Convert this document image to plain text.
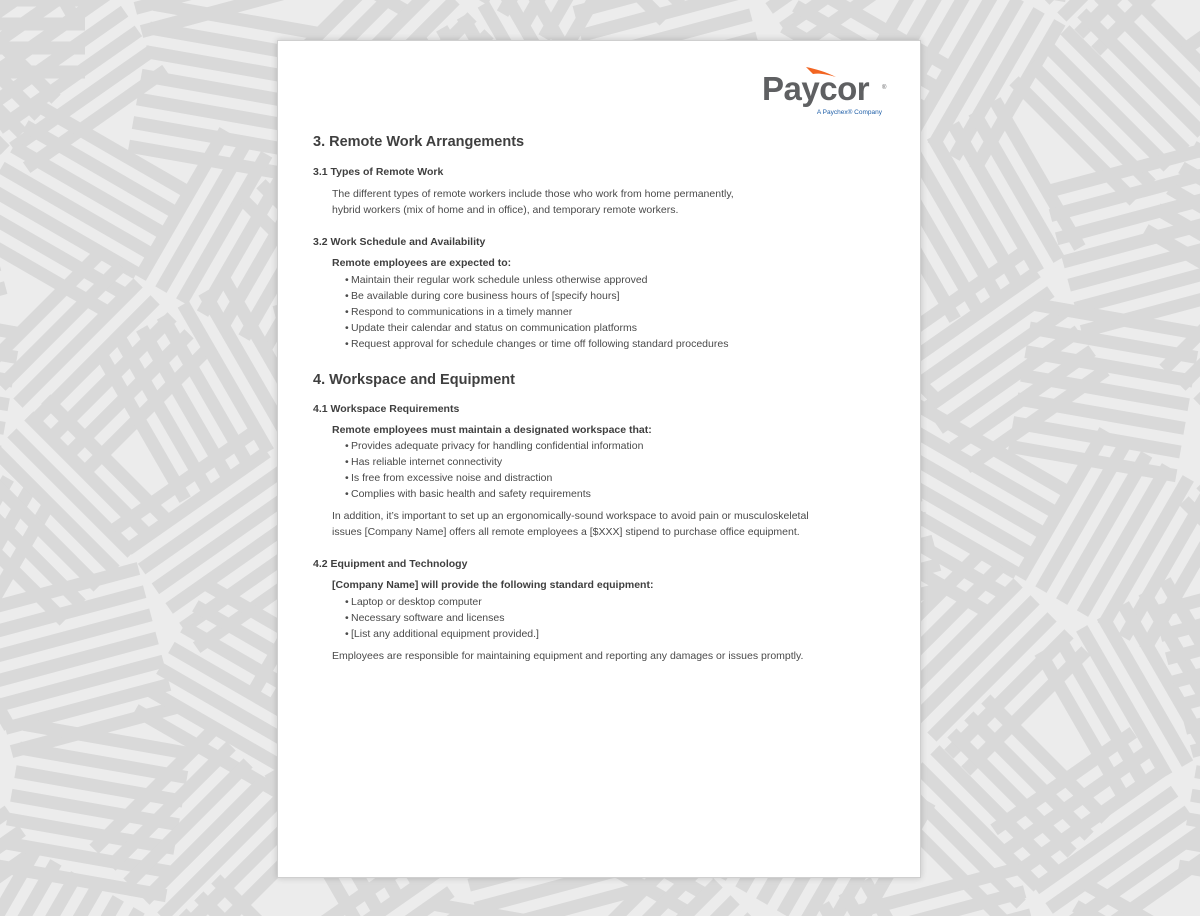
Paycor ®
A Paychex® Company
3. Remote Work Arrangements
3.1 Types of Remote Work

The different types of remote workers include those who work from home permanently,

hybrid workers (mix of home and in office), and temporary remote workers.

3.2 Work Schedule and Availability

Remote employees are expected to:

• Maintain their regular work schedule unless otherwise approved
• Be available during core business hours of [specify hours]
• Respond to communications in a timely manner
• Update their calendar and status on communication platforms
• Request approval for schedule changes or time off following standard procedures
4. Workspace and Equipment
4.1 Workspace Requirements

Remote employees must maintain a designated workspace that:

• Provides adequate privacy for handling confidential information
• Has reliable internet connectivity
• Is free from excessive noise and distraction
• Complies with basic health and safety requirements

In addition, it’s important to set up an ergonomically-sound workspace to avoid pain or musculoskeletal

issues [Company Name] offers all remote employees a [$XXX] stipend to purchase office equipment.

4.2 Equipment and Technology

[Company Name] will provide the following standard equipment:

• Laptop or desktop computer
• Necessary software and licenses
• [List any additional equipment provided.]

Employees are responsible for maintaining equipment and reporting any damages or issues promptly.
